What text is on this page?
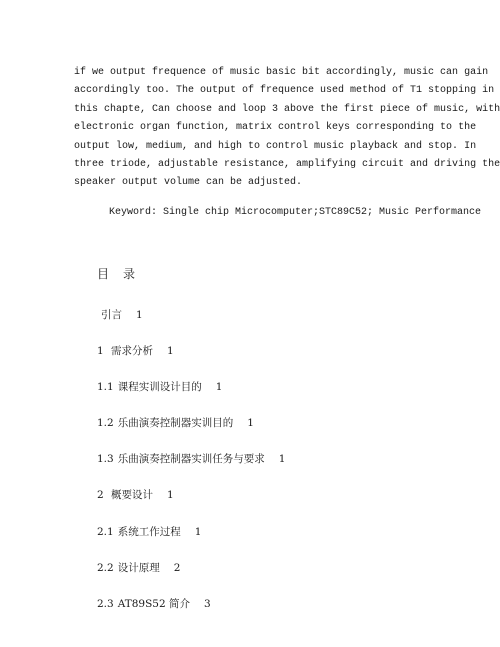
if we output frequence of music basic bit accordingly, music can gain
accordingly too. The output of frequence used method of T1 stopping in
this chapte, Can choose and loop 3 above the first piece of music, with
electronic organ function, matrix control keys corresponding to the
output low, medium, and high to control music playback and stop. In
three triode, adjustable resistance, amplifying circuit and driving the
speaker output volume can be adjusted.
Keyword: Single chip Microcomputer;STC89C52; Music Performance
目录
引言 1
1 需求分析 1
1.1 课程实训设计目的 1
1.2 乐曲演奏控制器实训目的 1
1.3 乐曲演奏控制器实训任务与要求 1
2 概要设计 1
2.1 系统工作过程 1
2.2 设计原理 2
2.3 AT89S52 简介 3
